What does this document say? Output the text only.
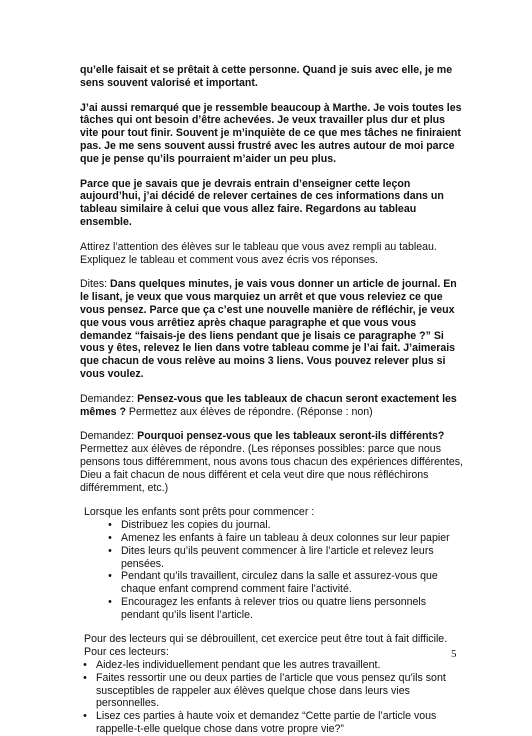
qu’elle faisait et se prêtait à cette personne. Quand je suis avec elle, je me sens souvent valorisé et important.

J’ai aussi remarqué que je ressemble beaucoup à Marthe. Je vois toutes les tâches qui ont besoin d’être achevées. Je veux travailler plus dur et plus vite pour tout finir. Souvent je m’inquiète de ce que mes tâches ne finiraient pas. Je me sens souvent aussi frustré avec les autres autour de moi parce que je pense qu’ils pourraient m’aider un peu plus.

Parce que je savais que je devrais entrain d’enseigner cette leçon aujourd’hui, j’ai décidé de relever certaines de ces informations dans un tableau similaire à celui que vous allez faire. Regardons au tableau ensemble.

Attirez l’attention des élèves sur le tableau que vous avez rempli au tableau. Expliquez le tableau et comment vous avez écris vos réponses.

Dites: Dans quelques minutes, je vais vous donner un article de journal. En le lisant, je veux que vous marquiez un arrêt et que vous releviez ce que vous pensez. Parce que ça c’est une nouvelle manière de réfléchir, je veux que vous vous arrêtiez après chaque paragraphe et que vous vous demandez “faisais-je des liens pendant que je lisais ce paragraphe ?” Si vous y êtes, relevez le lien dans votre tableau comme je l’ai fait. J’aimerais que chacun de vous relève au moins 3 liens. Vous pouvez relever plus si vous voulez.

Demandez: Pensez-vous que les tableaux de chacun seront exactement les mêmes ? Permettez aux élèves de répondre. (Réponse : non)

Demandez: Pourquoi pensez-vous que les tableaux seront-ils différents? Permettez aux élèves de répondre. (Les réponses possibles: parce que nous pensons tous différemment, nous avons tous chacun des expériences différentes, Dieu a fait chacun de nous différent et cela veut dire que nous réfléchirons différemment, etc.)

Lorsque les enfants sont prêts pour commencer :

• Distribuez les copies du journal.
• Amenez les enfants à faire un tableau à deux colonnes sur leur papier
• Dites leurs qu’ils peuvent commencer à lire l’article et relevez leurs pensées.
• Pendant qu’ils travaillent, circulez dans la salle et assurez-vous que chaque enfant comprend comment faire l’activité.
• Encouragez les enfants à relever trios ou quatre liens personnels pendant qu’ils lisent l’article.

Pour des lecteurs qui se débrouillent, cet exercice peut être tout à fait difficile. Pour ces lecteurs:

• Aidez-les individuellement pendant que les autres travaillent.
• Faites ressortir une ou deux parties de l’article que vous pensez qu’ils sont susceptibles de rappeler aux élèves quelque chose dans leurs vies personnelles.
• Lisez ces parties à haute voix et demandez “Cette partie de l’article vous rappelle-t-elle quelque chose dans votre propre vie?”
5
